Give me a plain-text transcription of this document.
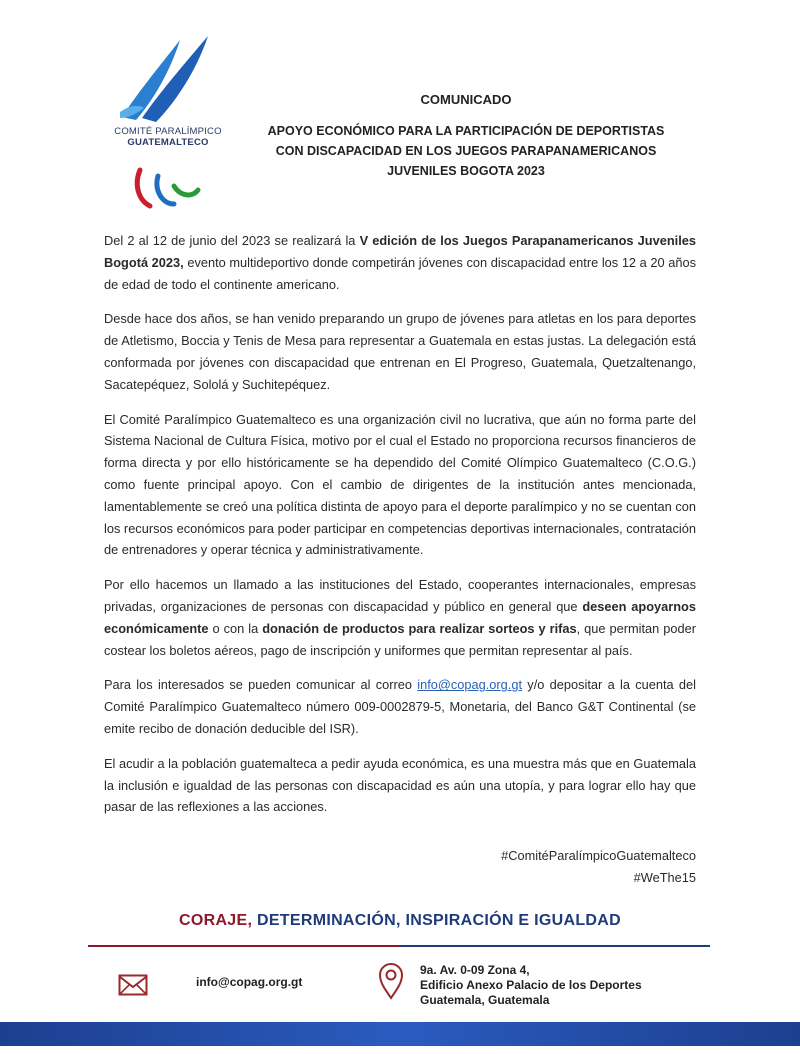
COMITÉ PARALÍMPICO
GUATEMALTECO
COMUNICADO
APOYO ECONÓMICO PARA LA PARTICIPACIÓN DE DEPORTISTAS
CON DISCAPACIDAD EN LOS JUEGOS PARAPANAMERICANOS
JUVENILES BOGOTA 2023

Del 2 al 12 de junio del 2023 se realizará la V edición de los Juegos Parapanamericanos Juveniles Bogotá 2023, evento multideportivo donde competirán jóvenes con discapacidad entre los 12 a 20 años de edad de todo el continente americano.

Desde hace dos años, se han venido preparando un grupo de jóvenes para atletas en los para deportes de Atletismo, Boccia y Tenis de Mesa para representar a Guatemala en estas justas. La delegación está conformada por jóvenes con discapacidad que entrenan en El Progreso, Guatemala, Quetzaltenango, Sacatepéquez, Sololá y Suchitepéquez.

El Comité Paralímpico Guatemalteco es una organización civil no lucrativa, que aún no forma parte del Sistema Nacional de Cultura Física, motivo por el cual el Estado no proporciona recursos financieros de forma directa y por ello históricamente se ha dependido del Comité Olímpico Guatemalteco (C.O.G.) como fuente principal apoyo. Con el cambio de dirigentes de la institución antes mencionada, lamentablemente se creó una política distinta de apoyo para el deporte paralímpico y no se cuentan con los recursos económicos para poder participar en competencias deportivas internacionales, contratación de entrenadores y operar técnica y administrativamente.

Por ello hacemos un llamado a las instituciones del Estado, cooperantes internacionales, empresas privadas, organizaciones de personas con discapacidad y público en general que deseen apoyarnos económicamente o con la donación de productos para realizar sorteos y rifas, que permitan poder costear los boletos aéreos, pago de inscripción y uniformes que permitan representar al país.

Para los interesados se pueden comunicar al correo info@copag.org.gt y/o depositar a la cuenta del Comité Paralímpico Guatemalteco número 009-0002879-5, Monetaria, del Banco G&T Continental (se emite recibo de donación deducible del ISR).

El acudir a la población guatemalteca a pedir ayuda económica, es una muestra más que en Guatemala la inclusión e igualdad de las personas con discapacidad es aún una utopía, y para lograr ello hay que pasar de las reflexiones a las acciones.

#ComitéParalímpicoGuatemalteco
#WeThe15
CORAJE, DETERMINACIÓN, INSPIRACIÓN E IGUALDAD
info@copag.org.gt
9a. Av. 0-09 Zona 4,
Edificio Anexo Palacio de los Deportes
Guatemala, Guatemala
